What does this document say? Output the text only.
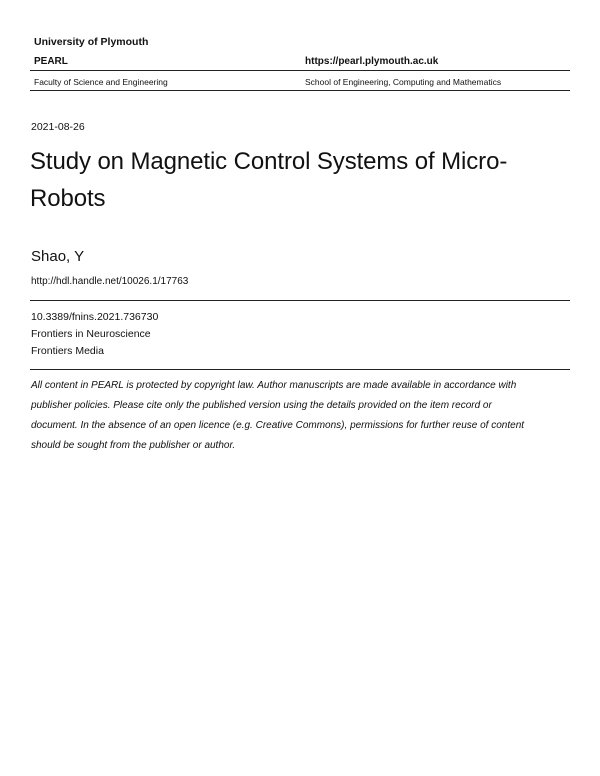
University of Plymouth
PEARL	https://pearl.plymouth.ac.uk
Faculty of Science and Engineering	School of Engineering, Computing and Mathematics
2021-08-26
Study on Magnetic Control Systems of Micro-Robots
Shao, Y
http://hdl.handle.net/10026.1/17763
10.3389/fnins.2021.736730
Frontiers in Neuroscience
Frontiers Media
All content in PEARL is protected by copyright law. Author manuscripts are made available in accordance with
publisher policies. Please cite only the published version using the details provided on the item record or
document. In the absence of an open licence (e.g. Creative Commons), permissions for further reuse of content
should be sought from the publisher or author.
